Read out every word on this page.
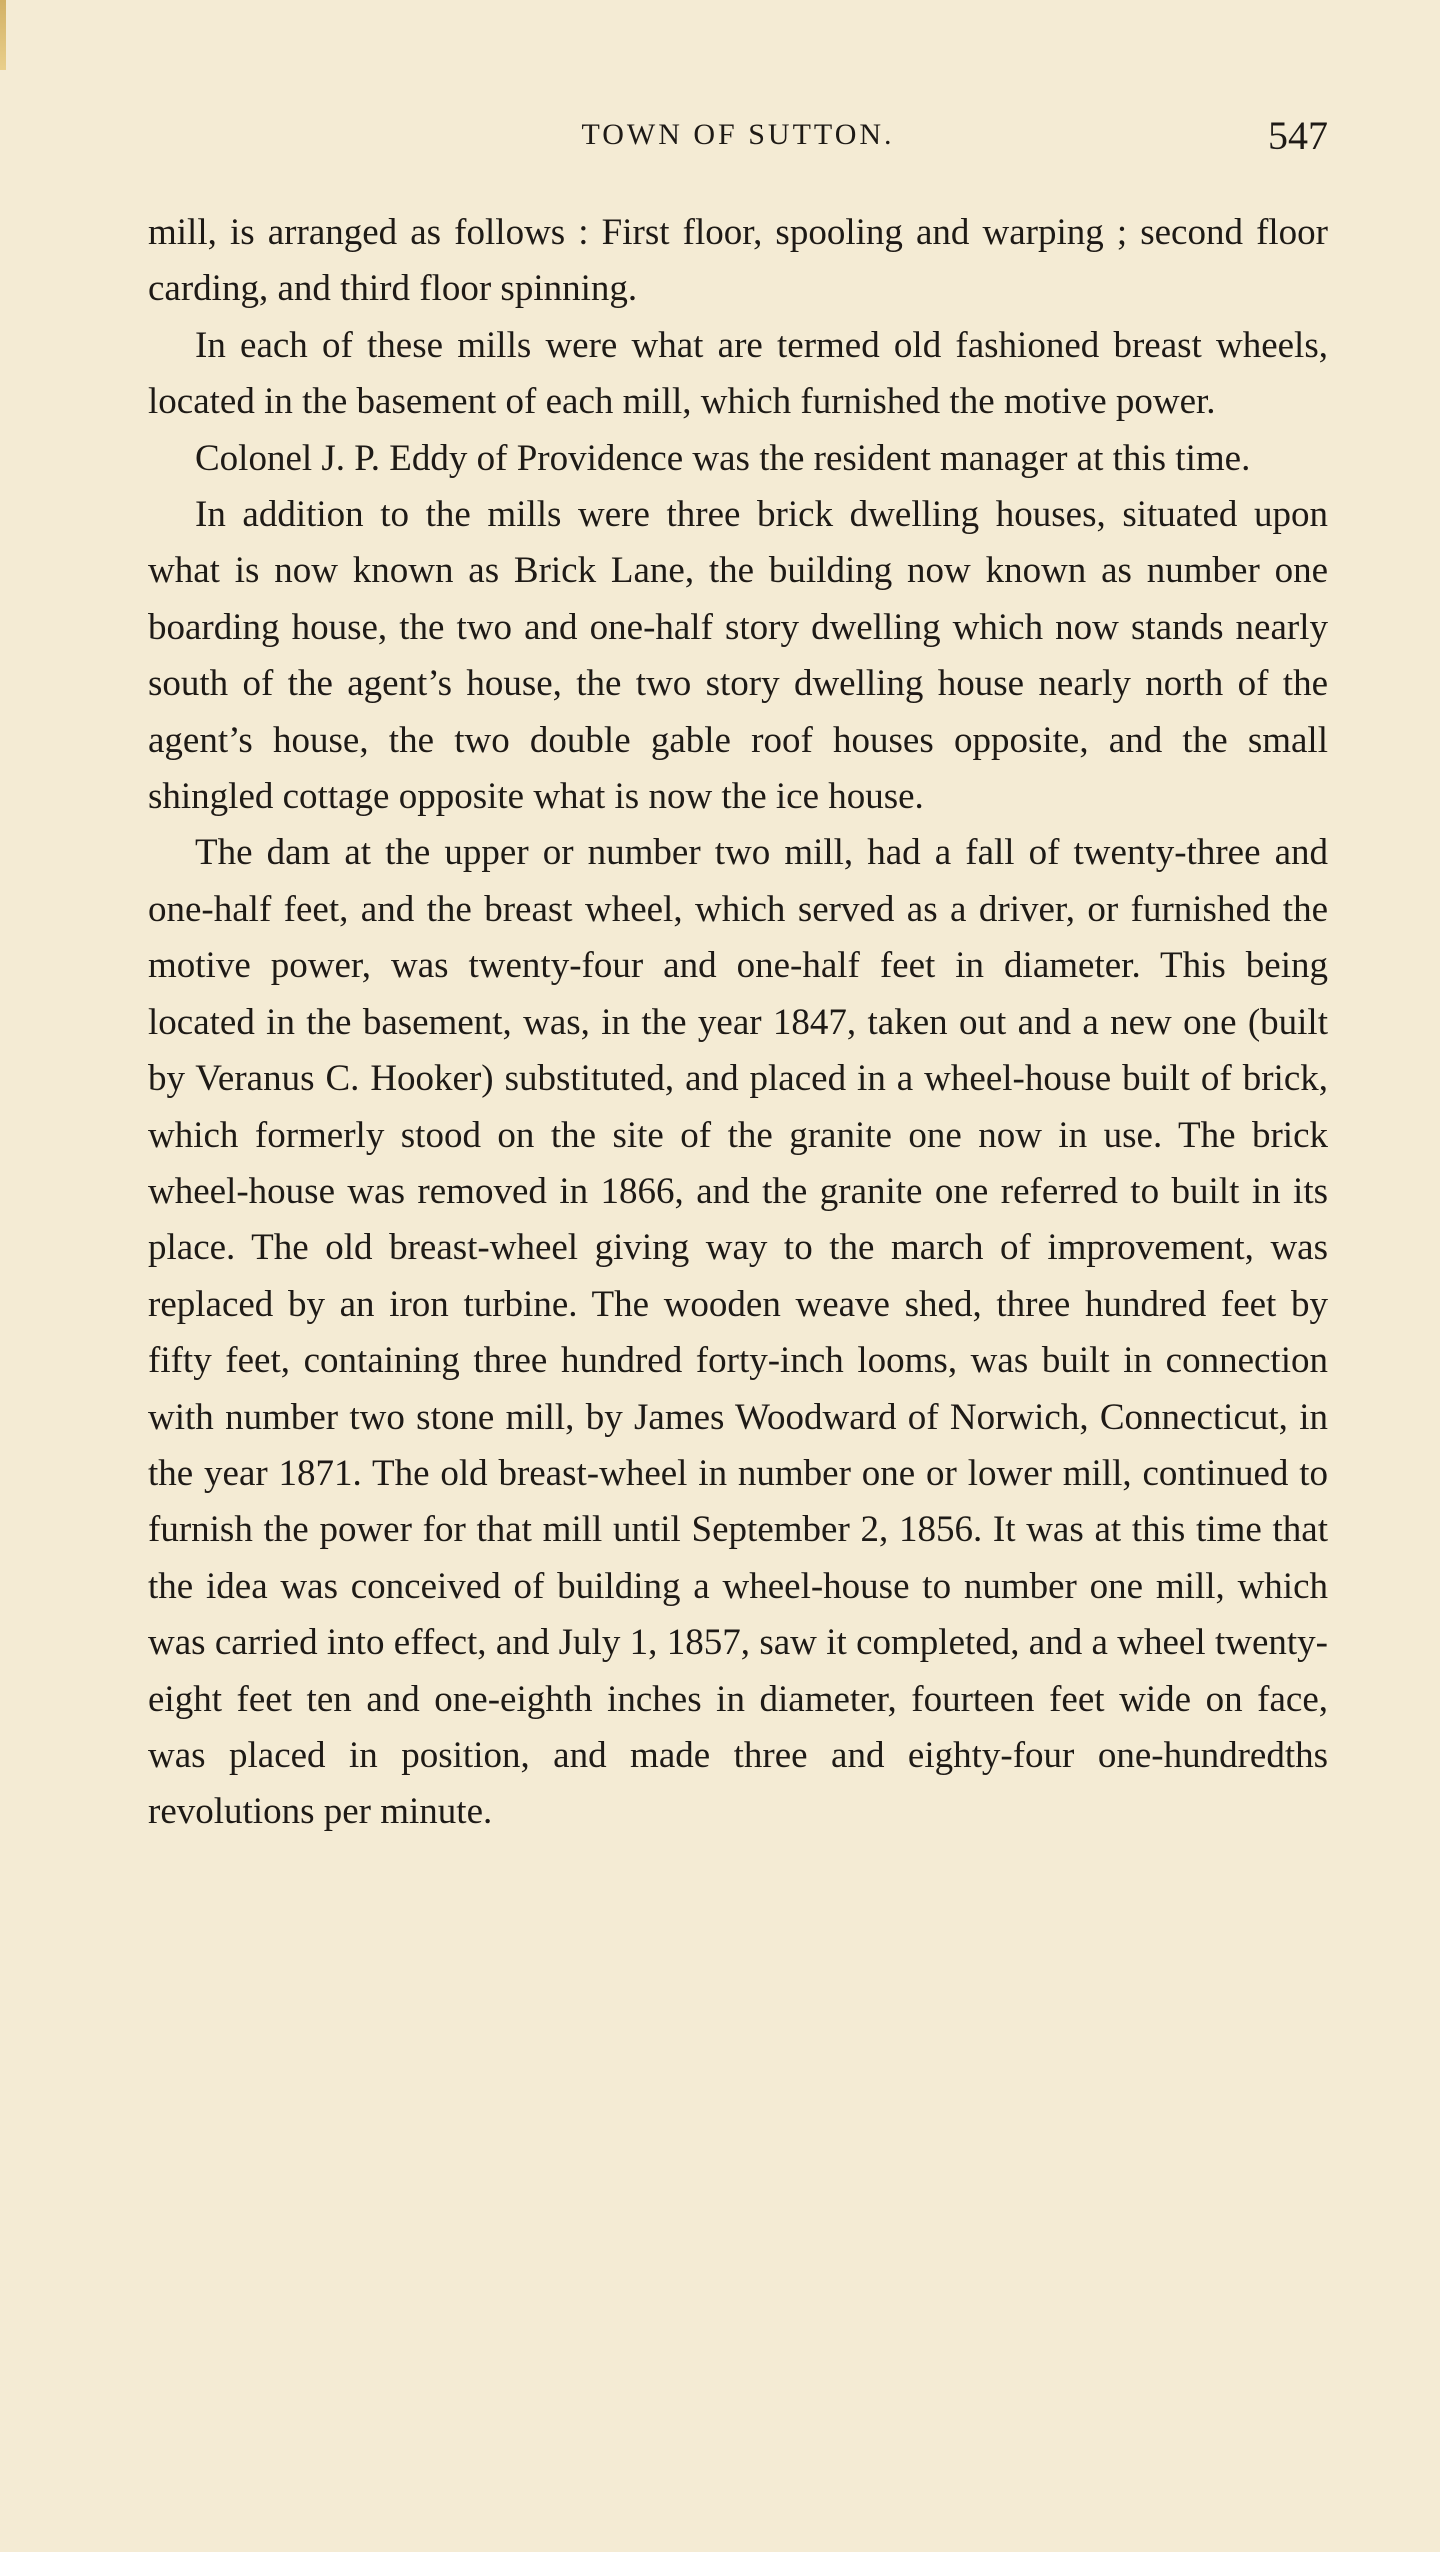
TOWN OF SUTTON.	547

mill, is arranged as follows : First floor, spooling and warping ; second floor carding, and third floor spinning.

In each of these mills were what are termed old fashioned breast wheels, located in the basement of each mill, which furnished the motive power.

Colonel J. P. Eddy of Providence was the resident manager at this time.

In addition to the mills were three brick dwelling houses, situated upon what is now known as Brick Lane, the building now known as number one boarding house, the two and one-half story dwelling which now stands nearly south of the agent’s house, the two story dwelling house nearly north of the agent’s house, the two double gable roof houses opposite, and the small shingled cottage opposite what is now the ice house.

The dam at the upper or number two mill, had a fall of twenty-three and one-half feet, and the breast wheel, which served as a driver, or furnished the motive power, was twenty-four and one-half feet in diameter. This being located in the basement, was, in the year 1847, taken out and a new one (built by Veranus C. Hooker) substituted, and placed in a wheel-house built of brick, which formerly stood on the site of the granite one now in use. The brick wheel-house was removed in 1866, and the granite one referred to built in its place. The old breast-wheel giving way to the march of improvement, was replaced by an iron turbine. The wooden weave shed, three hundred feet by fifty feet, containing three hundred forty-inch looms, was built in connection with number two stone mill, by James Woodward of Norwich, Connecticut, in the year 1871. The old breast-wheel in number one or lower mill, continued to furnish the power for that mill until September 2, 1856. It was at this time that the idea was conceived of building a wheel-house to number one mill, which was carried into effect, and July 1, 1857, saw it completed, and a wheel twenty-eight feet ten and one-eighth inches in diameter, fourteen feet wide on face, was placed in position, and made three and eighty-four one-hundredths revolutions per minute.
